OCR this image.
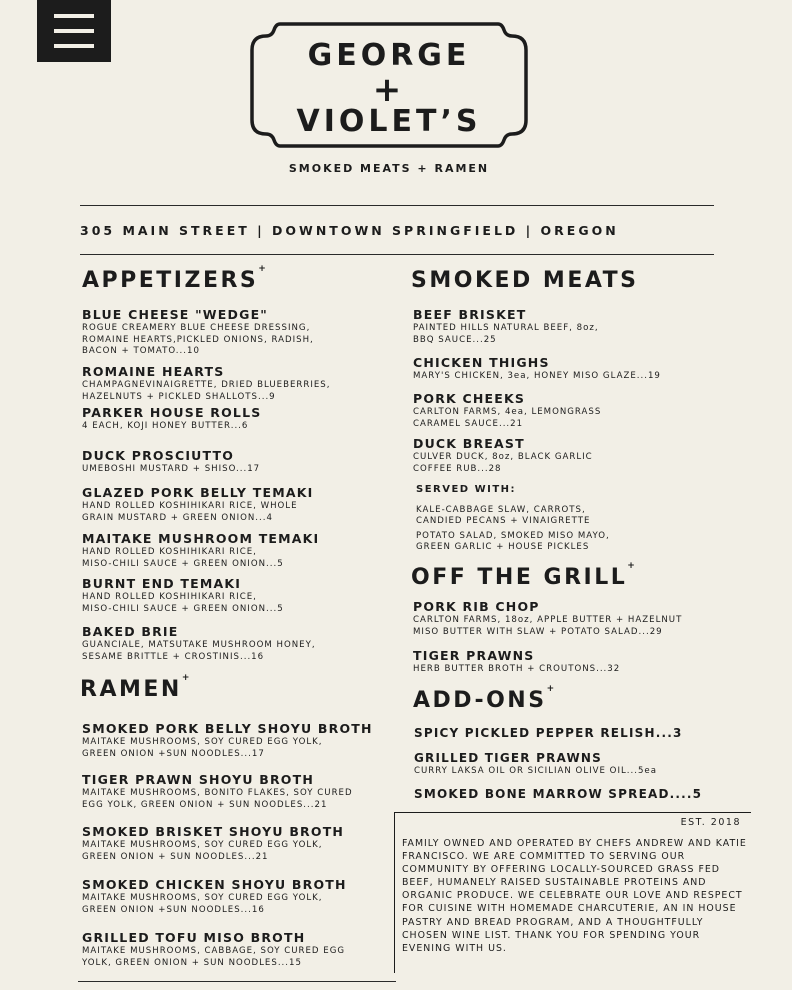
GEORGE
+
VIOLET’S
SMOKED MEATS + RAMEN
305 MAIN STREET | DOWNTOWN SPRINGFIELD | OREGON
APPETIZERS+
BLUE CHEESE "WEDGE"
ROGUE CREAMERY BLUE CHEESE DRESSING,
ROMAINE HEARTS,PICKLED ONIONS, RADISH,
BACON + TOMATO...10
ROMAINE HEARTS
CHAMPAGNEVINAIGRETTE, DRIED BLUEBERRIES,
HAZELNUTS + PICKLED SHALLOTS...9
PARKER HOUSE ROLLS
4 EACH, KOJI HONEY BUTTER...6
DUCK PROSCIUTTO
UMEBOSHI MUSTARD + SHISO...17
GLAZED PORK BELLY TEMAKI
HAND ROLLED KOSHIHIKARI RICE, WHOLE
GRAIN MUSTARD + GREEN ONION...4
MAITAKE MUSHROOM TEMAKI
HAND ROLLED KOSHIHIKARI RICE,
MISO-CHILI SAUCE + GREEN ONION...5
BURNT END TEMAKI
HAND ROLLED KOSHIHIKARI RICE,
MISO-CHILI SAUCE + GREEN ONION...5
BAKED BRIE
GUANCIALE, MATSUTAKE MUSHROOM HONEY,
SESAME BRITTLE + CROSTINIS...16
RAMEN+
SMOKED PORK BELLY SHOYU BROTH
MAITAKE MUSHROOMS, SOY CURED EGG YOLK,
GREEN ONION +SUN NOODLES...17
TIGER PRAWN SHOYU BROTH
MAITAKE MUSHROOMS, BONITO FLAKES, SOY CURED
EGG YOLK, GREEN ONION + SUN NOODLES...21
SMOKED BRISKET SHOYU BROTH
MAITAKE MUSHROOMS, SOY CURED EGG YOLK,
GREEN ONION + SUN NOODLES...21
SMOKED CHICKEN SHOYU BROTH
MAITAKE MUSHROOMS, SOY CURED EGG YOLK,
GREEN ONION +SUN NOODLES...16
GRILLED TOFU MISO BROTH
MAITAKE MUSHROOMS, CABBAGE, SOY CURED EGG
YOLK, GREEN ONION + SUN NOODLES...15
SMOKED MEATS
BEEF BRISKET
PAINTED HILLS NATURAL BEEF, 8oz,
BBQ SAUCE...25
CHICKEN THIGHS
MARY'S CHICKEN, 3ea, HONEY MISO GLAZE...19
PORK CHEEKS
CARLTON FARMS, 4ea, LEMONGRASS
CARAMEL SAUCE...21
DUCK BREAST
CULVER DUCK, 8oz, BLACK GARLIC
COFFEE RUB...28
SERVED WITH:
KALE-CABBAGE SLAW, CARROTS,
CANDIED PECANS + VINAIGRETTE
POTATO SALAD, SMOKED MISO MAYO,
GREEN GARLIC + HOUSE PICKLES
OFF THE GRILL+
PORK RIB CHOP
CARLTON FARMS, 18oz, APPLE BUTTER + HAZELNUT
MISO BUTTER WITH SLAW + POTATO SALAD...29
TIGER PRAWNS
HERB BUTTER BROTH + CROUTONS...32
ADD-ONS+
SPICY PICKLED PEPPER RELISH...3
GRILLED TIGER PRAWNS
CURRY LAKSA OIL OR SICILIAN OLIVE OIL...5ea
SMOKED BONE MARROW SPREAD....5
EST. 2018
FAMILY OWNED AND OPERATED BY CHEFS ANDREW AND KATIE FRANCISCO. WE ARE COMMITTED TO SERVING OUR COMMUNITY BY OFFERING LOCALLY-SOURCED GRASS FED BEEF, HUMANELY RAISED SUSTAINABLE PROTEINS AND ORGANIC PRODUCE. WE CELEBRATE OUR LOVE AND RESPECT FOR CUISINE WITH HOMEMADE CHARCUTERIE, AN IN HOUSE PASTRY AND BREAD PROGRAM, AND A THOUGHTFULLY CHOSEN WINE LIST. THANK YOU FOR SPENDING YOUR EVENING WITH US.
